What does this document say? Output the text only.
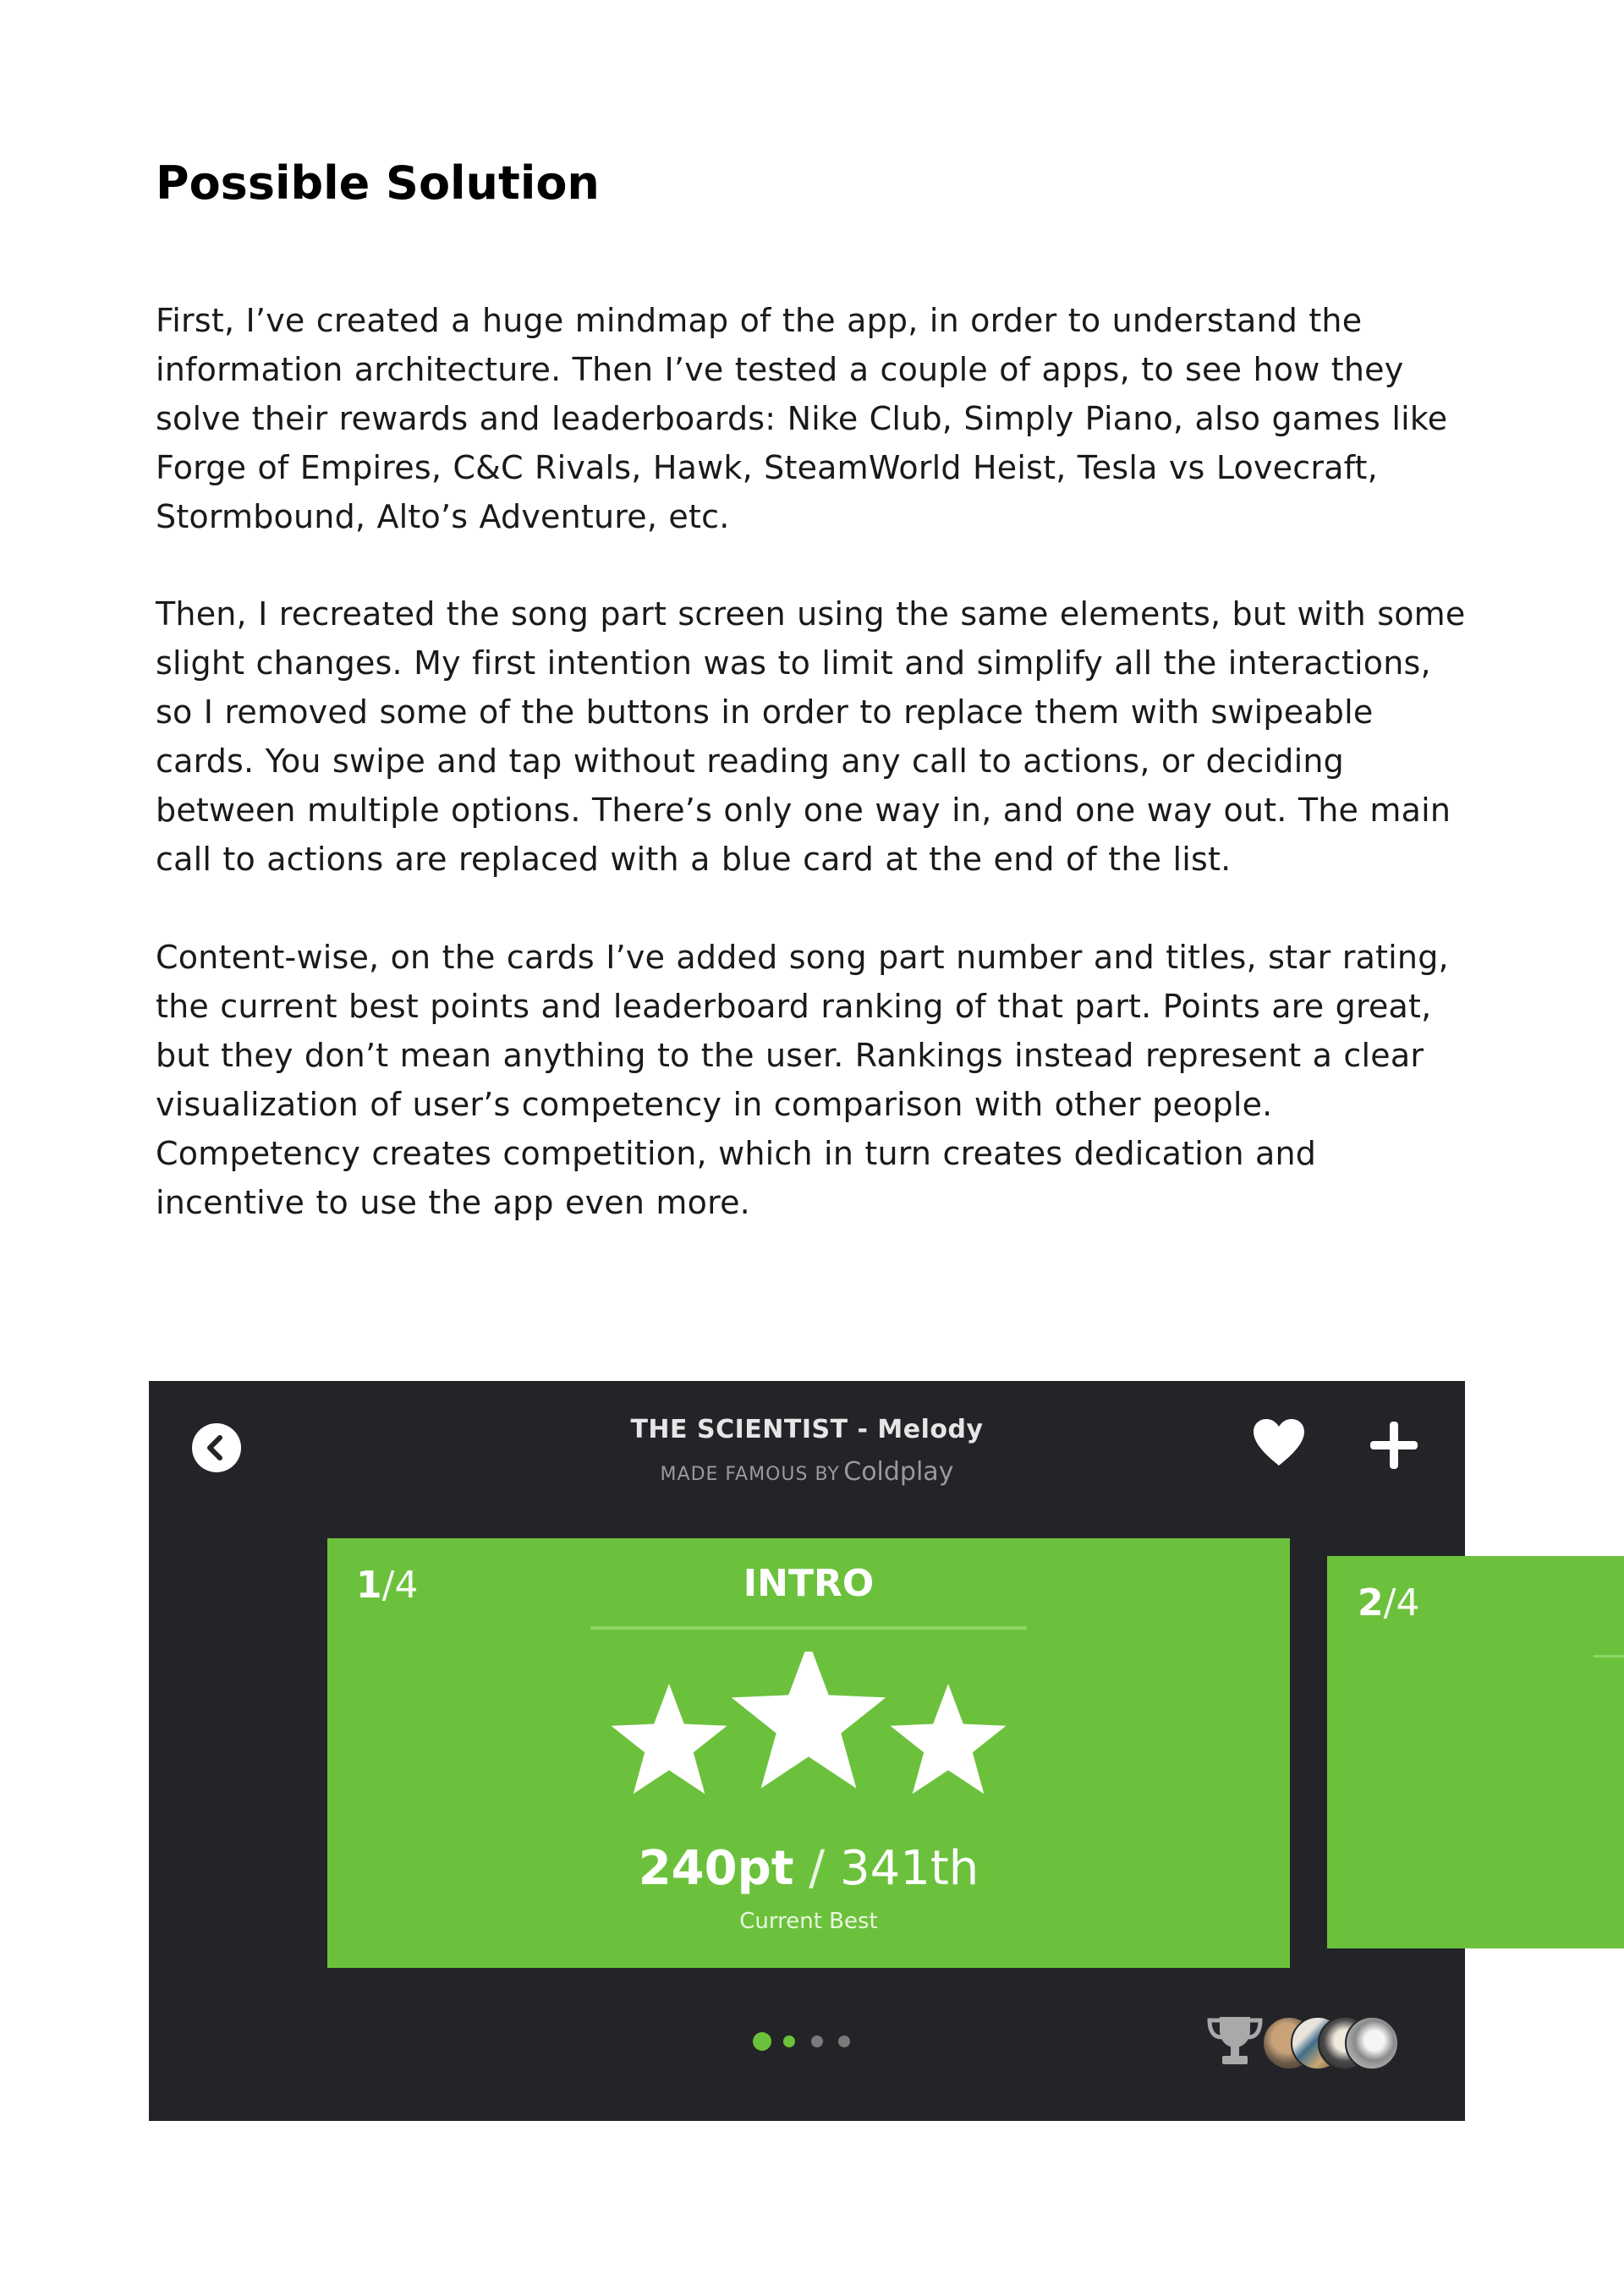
Possible Solution

First, I’ve created a huge mindmap of the app, in order to understand the information architecture. Then I’ve tested a couple of apps, to see how they solve their rewards and leaderboards: Nike Club, Simply Piano, also games like Forge of Empires, C&C Rivals, Hawk, SteamWorld Heist, Tesla vs Lovecraft, Stormbound, Alto’s Adventure, etc.

Then, I recreated the song part screen using the same elements, but with some slight changes. My first intention was to limit and simplify all the interactions, so I removed some of the buttons in order to replace them with swipeable cards. You swipe and tap without reading any call to actions, or deciding between multiple options. There’s only one way in, and one way out. The main call to actions are replaced with a blue card at the end of the list.

Content-wise, on the cards I’ve added song part number and titles, star rating, the current best points and leaderboard ranking of that part. Points are great, but they don’t mean anything to the user. Rankings instead represent a clear visualization of user’s competency in comparison with other people. Competency creates competition, which in turn creates dedication and incentive to use the app even more.

THE SCIENTIST - Melody
MADE FAMOUS BY Coldplay
1/4	INTRO
240pt / 341th
Current Best
2/4
